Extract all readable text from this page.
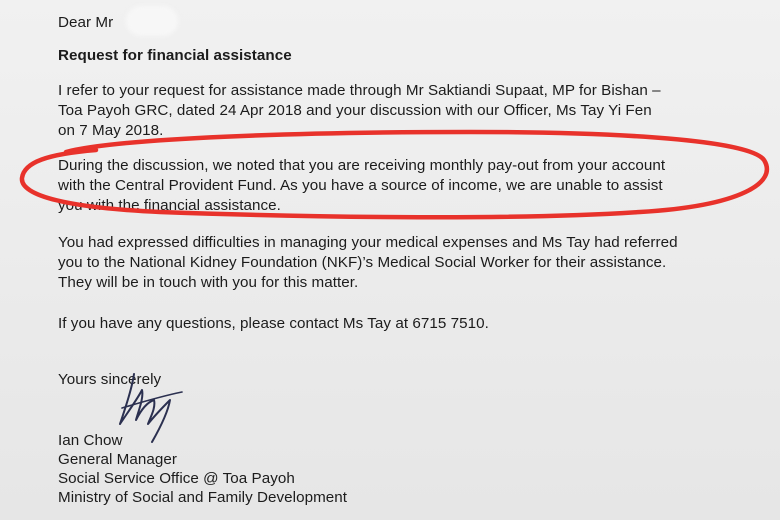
Dear Mr
Request for financial assistance
I refer to your request for assistance made through Mr Saktiandi Supaat, MP for Bishan –
Toa Payoh GRC, dated 24 Apr 2018 and your discussion with our Officer, Ms Tay Yi Fen
on 7 May 2018.
During the discussion, we noted that you are receiving monthly pay-out from your account
with the Central Provident Fund. As you have a source of income, we are unable to assist
you with the financial assistance.
You had expressed difficulties in managing your medical expenses and Ms Tay had referred
you to the National Kidney Foundation (NKF)’s Medical Social Worker for their assistance.
They will be in touch with you for this matter.
If you have any questions, please contact Ms Tay at 6715 7510.
Yours sincerely
Ian Chow
General Manager
Social Service Office @ Toa Payoh
Ministry of Social and Family Development
